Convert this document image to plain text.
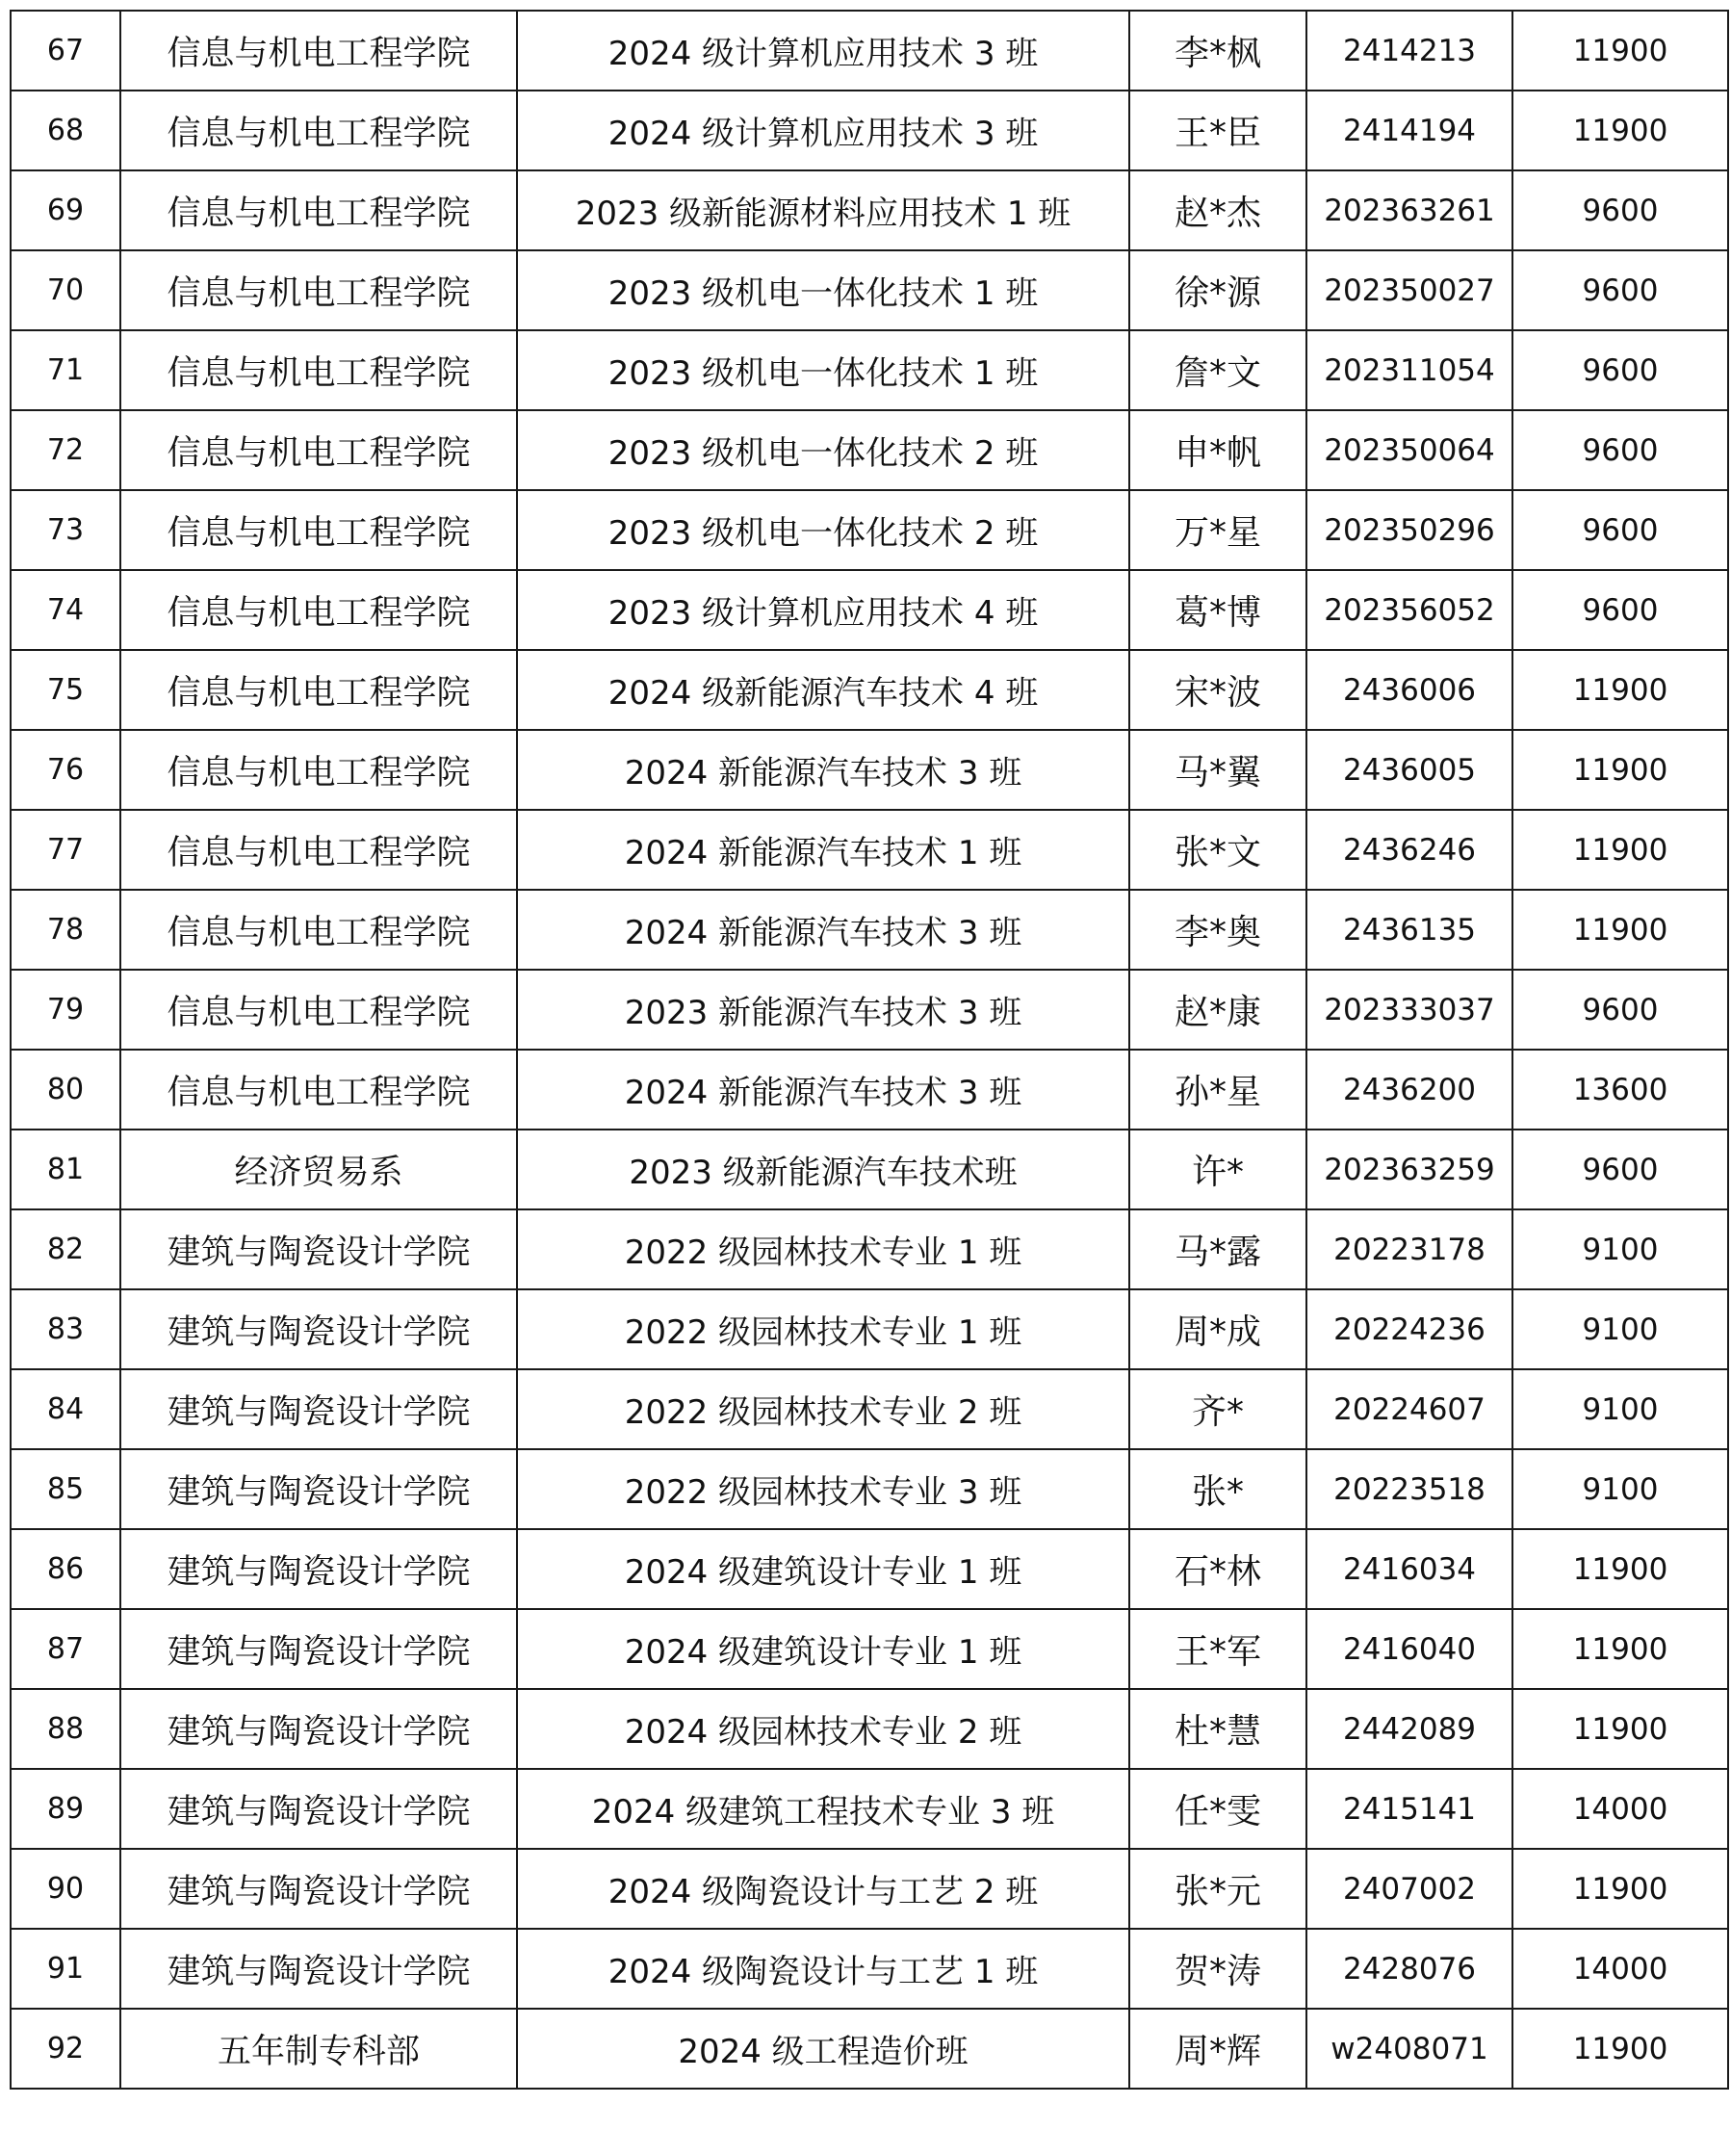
67	信息与机电工程学院	2024 级计算机应用技术 3 班	李*枫	2414213	11900
68	信息与机电工程学院	2024 级计算机应用技术 3 班	王*臣	2414194	11900
69	信息与机电工程学院	2023 级新能源材料应用技术 1 班	赵*杰	202363261	9600
70	信息与机电工程学院	2023 级机电一体化技术 1 班	徐*源	202350027	9600
71	信息与机电工程学院	2023 级机电一体化技术 1 班	詹*文	202311054	9600
72	信息与机电工程学院	2023 级机电一体化技术 2 班	申*帆	202350064	9600
73	信息与机电工程学院	2023 级机电一体化技术 2 班	万*星	202350296	9600
74	信息与机电工程学院	2023 级计算机应用技术 4 班	葛*博	202356052	9600
75	信息与机电工程学院	2024 级新能源汽车技术 4 班	宋*波	2436006	11900
76	信息与机电工程学院	2024 新能源汽车技术 3 班	马*翼	2436005	11900
77	信息与机电工程学院	2024 新能源汽车技术 1 班	张*文	2436246	11900
78	信息与机电工程学院	2024 新能源汽车技术 3 班	李*奥	2436135	11900
79	信息与机电工程学院	2023 新能源汽车技术 3 班	赵*康	202333037	9600
80	信息与机电工程学院	2024 新能源汽车技术 3 班	孙*星	2436200	13600
81	经济贸易系	2023 级新能源汽车技术班	许*	202363259	9600
82	建筑与陶瓷设计学院	2022 级园林技术专业 1 班	马*露	20223178	9100
83	建筑与陶瓷设计学院	2022 级园林技术专业 1 班	周*成	20224236	9100
84	建筑与陶瓷设计学院	2022 级园林技术专业 2 班	齐*	20224607	9100
85	建筑与陶瓷设计学院	2022 级园林技术专业 3 班	张*	20223518	9100
86	建筑与陶瓷设计学院	2024 级建筑设计专业 1 班	石*林	2416034	11900
87	建筑与陶瓷设计学院	2024 级建筑设计专业 1 班	王*军	2416040	11900
88	建筑与陶瓷设计学院	2024 级园林技术专业 2 班	杜*慧	2442089	11900
89	建筑与陶瓷设计学院	2024 级建筑工程技术专业 3 班	任*雯	2415141	14000
90	建筑与陶瓷设计学院	2024 级陶瓷设计与工艺 2 班	张*元	2407002	11900
91	建筑与陶瓷设计学院	2024 级陶瓷设计与工艺 1 班	贺*涛	2428076	14000
92	五年制专科部	2024 级工程造价班	周*辉	w2408071	11900
